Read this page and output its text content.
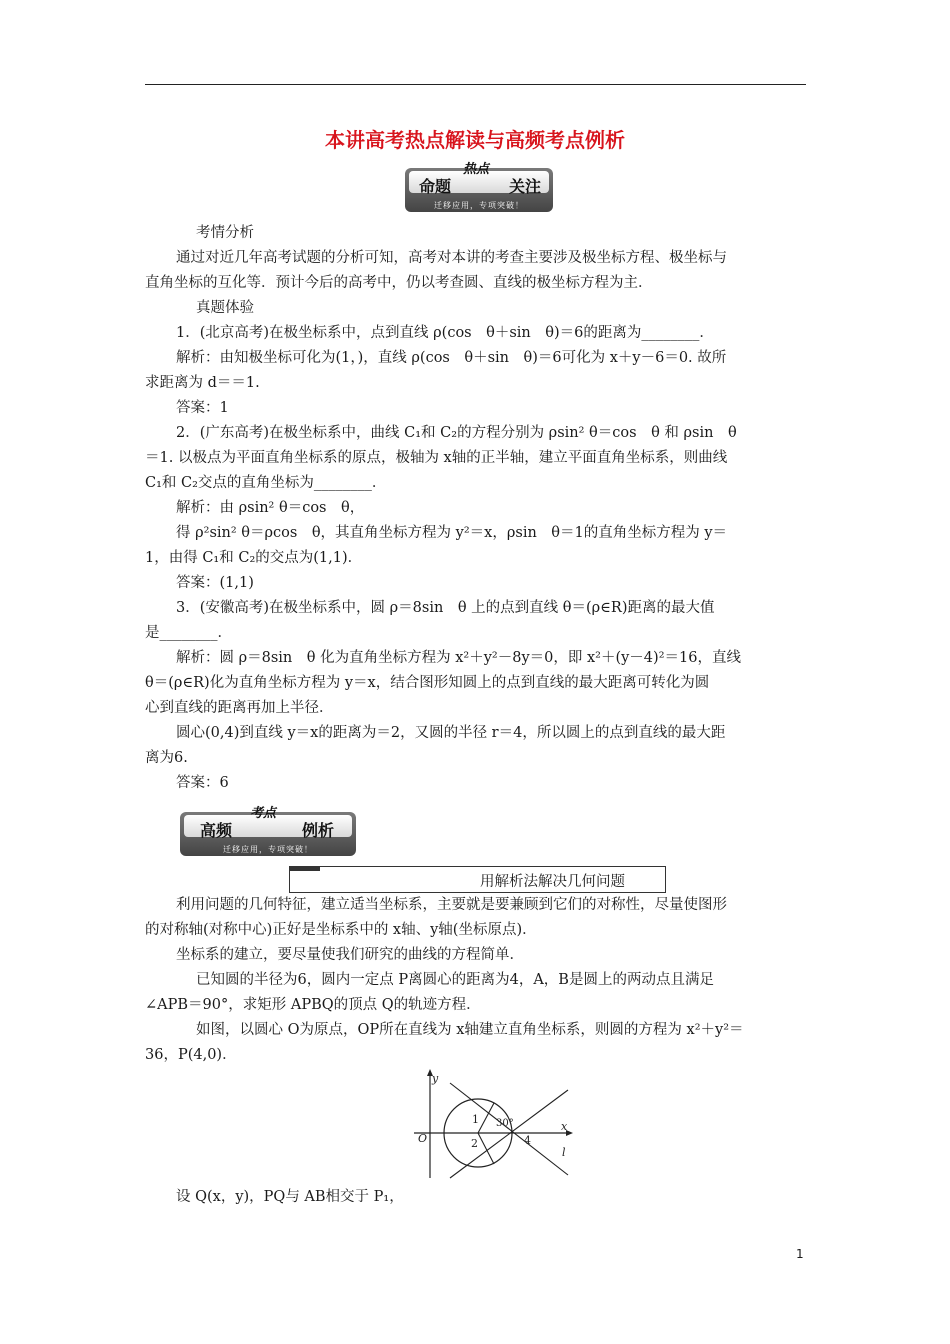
本讲高考热点解读与高频考点例析
命题
热点
关注
迁移应用，专项突破！
考情分析
通过对近几年高考试题的分析可知，高考对本讲的考查主要涉及极坐标方程、极坐标与
直角坐标的互化等．预计今后的高考中，仍以考查圆、直线的极坐标方程为主．
真题体验
1．(北京高考)在极坐标系中，点到直线 ρ(cos　θ＋sin　θ)＝6的距离为________．
解析：由知极坐标可化为(1，)，直线 ρ(cos　θ＋sin　θ)＝6可化为 x＋y－6＝0. 故所
求距离为 d＝＝1.
答案：1
2．(广东高考)在极坐标系中，曲线 C₁和 C₂的方程分别为 ρsin² θ＝cos　θ 和 ρsin　θ
＝1. 以极点为平面直角坐标系的原点，极轴为 x轴的正半轴，建立平面直角坐标系，则曲线
C₁和 C₂交点的直角坐标为________．
解析：由 ρsin² θ＝cos　θ，
得 ρ²sin² θ＝ρcos　θ，其直角坐标方程为 y²＝x，ρsin　θ＝1的直角坐标方程为 y＝
1，由得 C₁和 C₂的交点为(1,1)．
答案：(1,1)
3．(安徽高考)在极坐标系中，圆 ρ＝8sin　θ 上的点到直线 θ＝(ρ∈R)距离的最大值
是________．
解析：圆 ρ＝8sin　θ 化为直角坐标方程为 x²＋y²－8y＝0，即 x²＋(y－4)²＝16，直线
θ＝(ρ∈R)化为直角坐标方程为 y＝x，结合图形知圆上的点到直线的最大距离可转化为圆
心到直线的距离再加上半径．
圆心(0,4)到直线 y＝x的距离为＝2，又圆的半径 r＝4，所以圆上的点到直线的最大距
离为6.
答案：6
高频
考点
例析
迁移应用，专项突破！
用解析法解决几何问题
利用问题的几何特征，建立适当坐标系，主要就是要兼顾到它们的对称性，尽量使图形
的对称轴(对称中心)正好是坐标系中的 x轴、y轴(坐标原点)．
坐标系的建立，要尽量使我们研究的曲线的方程简单．
已知圆的半径为6，圆内一定点 P离圆心的距离为4，A，B是圆上的两动点且满足
∠APB＝90°，求矩形 APBQ的顶点 Q的轨迹方程．
如图，以圆心 O为原点，OP所在直线为 x轴建立直角坐标系，则圆的方程为 x²＋y²＝
36，P(4,0)．
y
x
O
1
2
30°
4
l
设 Q(x，y)，PQ与 AB相交于 P₁，
1
